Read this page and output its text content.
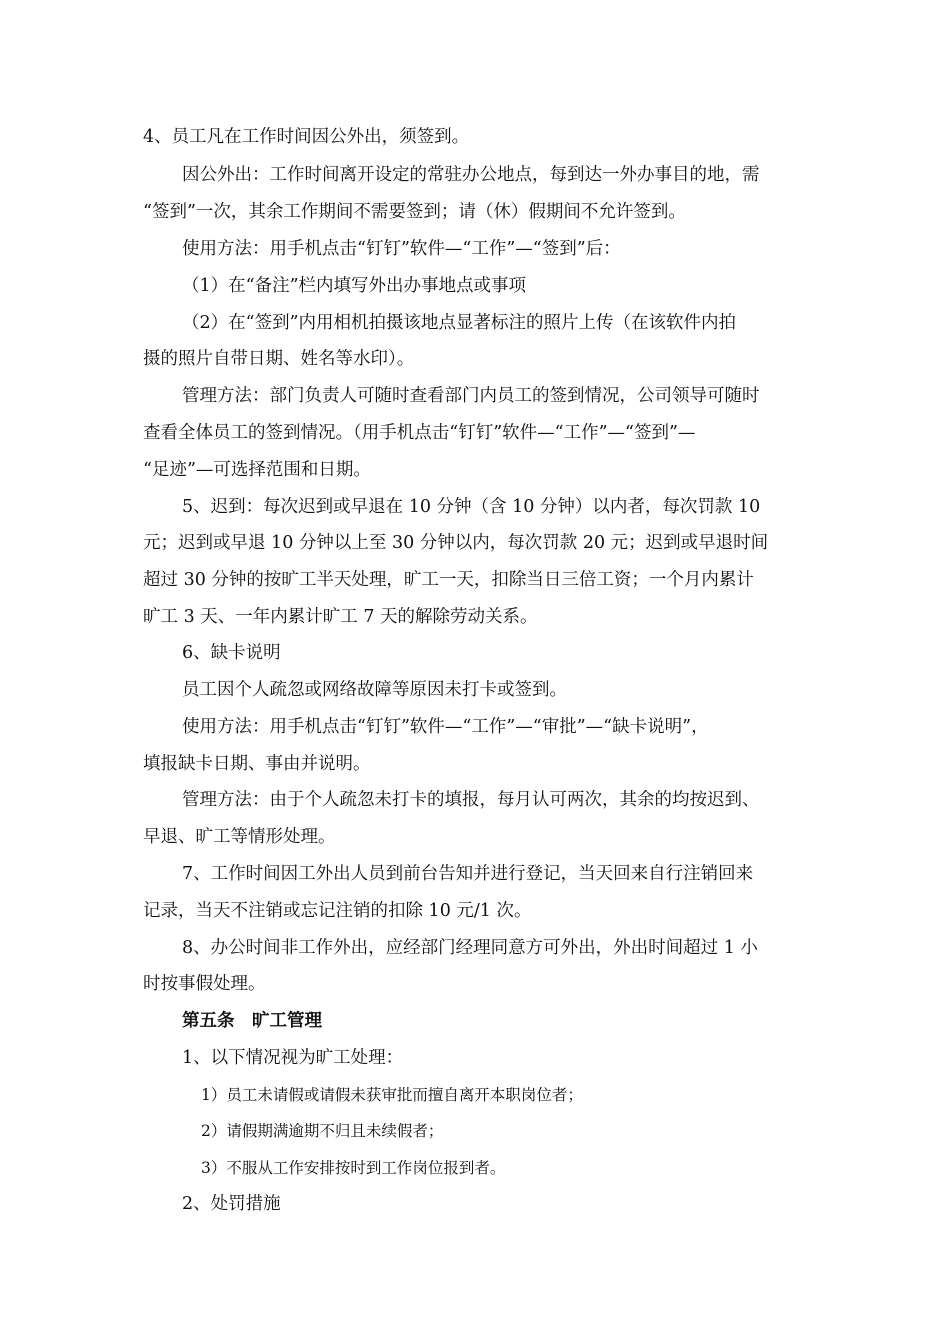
4、员工凡在工作时间因公外出，须签到。
因公外出：工作时间离开设定的常驻办公地点，每到达一外办事目的地，需
“签到”一次，其余工作期间不需要签到；请（休）假期间不允许签到。
使用方法：用手机点击“钉钉”软件—“工作”—“签到”后：
（1）在“备注”栏内填写外出办事地点或事项
（2）在“签到”内用相机拍摄该地点显著标注的照片上传（在该软件内拍
摄的照片自带日期、姓名等水印）。
管理方法：部门负责人可随时查看部门内员工的签到情况，公司领导可随时
查看全体员工的签到情况。（用手机点击“钉钉”软件—“工作”—“签到”—
“足迹”—可选择范围和日期。
5、迟到：每次迟到或早退在 10 分钟（含 10 分钟）以内者，每次罚款 10
元；迟到或早退 10 分钟以上至 30 分钟以内，每次罚款 20 元；迟到或早退时间
超过 30 分钟的按旷工半天处理，旷工一天，扣除当日三倍工资；一个月内累计
旷工 3 天、一年内累计旷工 7 天的解除劳动关系。
6、缺卡说明
员工因个人疏忽或网络故障等原因未打卡或签到。
使用方法：用手机点击“钉钉”软件—“工作”—“审批”—“缺卡说明”，
填报缺卡日期、事由并说明。
管理方法：由于个人疏忽未打卡的填报，每月认可两次，其余的均按迟到、
早退、旷工等情形处理。
7、工作时间因工外出人员到前台告知并进行登记，当天回来自行注销回来
记录，当天不注销或忘记注销的扣除 10 元/1 次。
8、办公时间非工作外出，应经部门经理同意方可外出，外出时间超过 1 小
时按事假处理。
第五条　旷工管理
1、以下情况视为旷工处理：
1）员工未请假或请假未获审批而擅自离开本职岗位者；
2）请假期满逾期不归且未续假者；
3）不服从工作安排按时到工作岗位报到者。
2、处罚措施
